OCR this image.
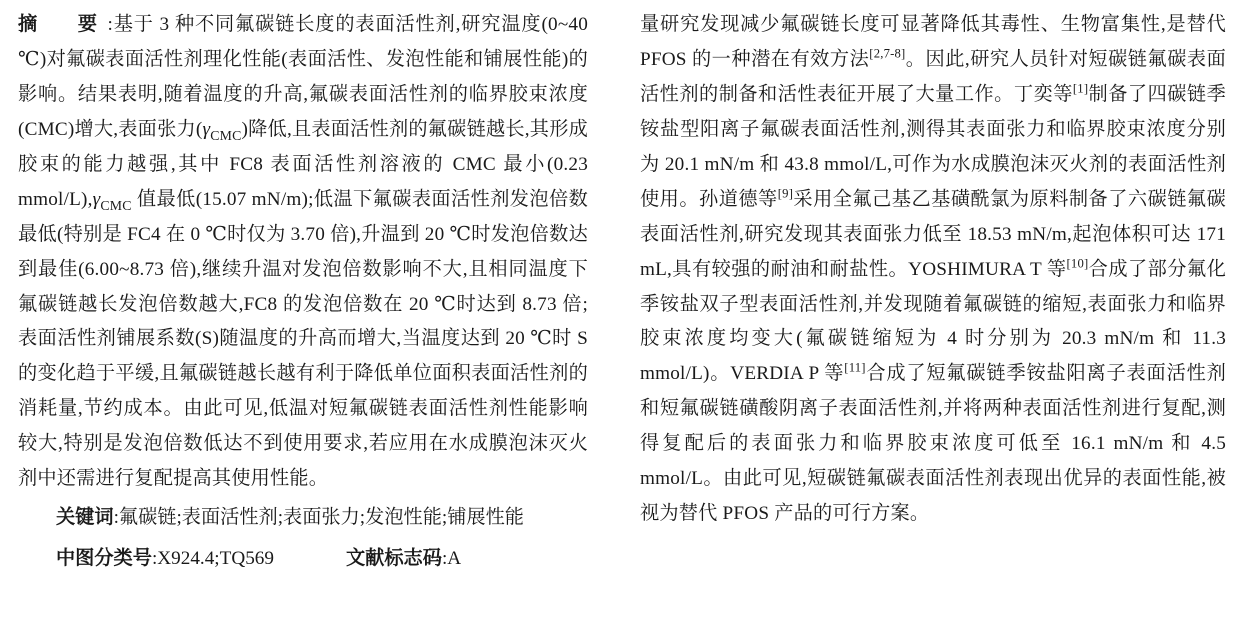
摘　要:基于 3 种不同氟碳链长度的表面活性剂,研究温度(0~40 ℃)对氟碳表面活性剂理化性能(表面活性、发泡性能和铺展性能)的影响。结果表明,随着温度的升高,氟碳表面活性剂的临界胶束浓度(CMC)增大,表面张力$(\gamma_{CMC})$降低,且表面活性剂的氟碳链越长,其形成胶束的能力越强,其中 FC8 表面活性剂溶液的 CMC 最小(0.23 mmol/$L),\gamma_{CMC}$ 值最低(15.07 mN/m);低温下氟碳表面活性剂发泡倍数最低(特别是 FC4 在 0 ℃时仅为 3.70 倍),升温到 20 ℃时发泡倍数达到最佳(6.00~8.73 倍),继续升温对发泡倍数影响不大,且相同温度下氟碳链越长发泡倍数越大,FC8 的发泡倍数在 20 ℃时达到 8.73 倍;表面活性剂铺展系数(S)随温度的升高而增大,当温度达到 20 ℃时 S 的变化趋于平缓,且氟碳链越长越有利于降低单位面积表面活性剂的消耗量,节约成本。由此可见,低温对短氟碳链表面活性剂性能影响较大,特别是发泡倍数低达不到使用要求,若应用在水成膜泡沫灭火剂中还需进行复配提高其使用性能。

关键词:氟碳链;表面活性剂;表面张力;发泡性能;铺展性能
中图分类号:X924.4;TQ569	文献标志码:A

量研究发现减少氟碳链长度可显著降低其毒性、生物富集性,是替代 PFOS 的一种潜在有效方法[2,7-8]。因此,研究人员针对短碳链氟碳表面活性剂的制备和活性表征开展了大量工作。丁奕等[1]制备了四碳链季铵盐型阳离子氟碳表面活性剂,测得其表面张力和临界胶束浓度分别为 20.1 mN/m 和 43.8 mmol/L,可作为水成膜泡沫灭火剂的表面活性剂使用。孙道德等[9]采用全氟己基乙基磺酰氯为原料制备了六碳链氟碳表面活性剂,研究发现其表面张力低至 18.53 mN/m,起泡体积可达 171 mL,具有较强的耐油和耐盐性。YOSHIMURA T 等[10]合成了部分氟化季铵盐双子型表面活性剂,并发现随着氟碳链的缩短,表面张力和临界胶束浓度均变大(氟碳链缩短为 4 时分别为 20.3 mN/m 和 11.3 mmol/L)。VERDIA P 等[11]合成了短氟碳链季铵盐阳离子表面活性剂和短氟碳链磺酸阴离子表面活性剂,并将两种表面活性剂进行复配,测得复配后的表面张力和临界胶束浓度可低至 16.1 mN/m 和 4.5 mmol/L。由此可见,短碳链氟碳表面活性剂表现出优异的表面性能,被视为替代 PFOS 产品的可行方案。
